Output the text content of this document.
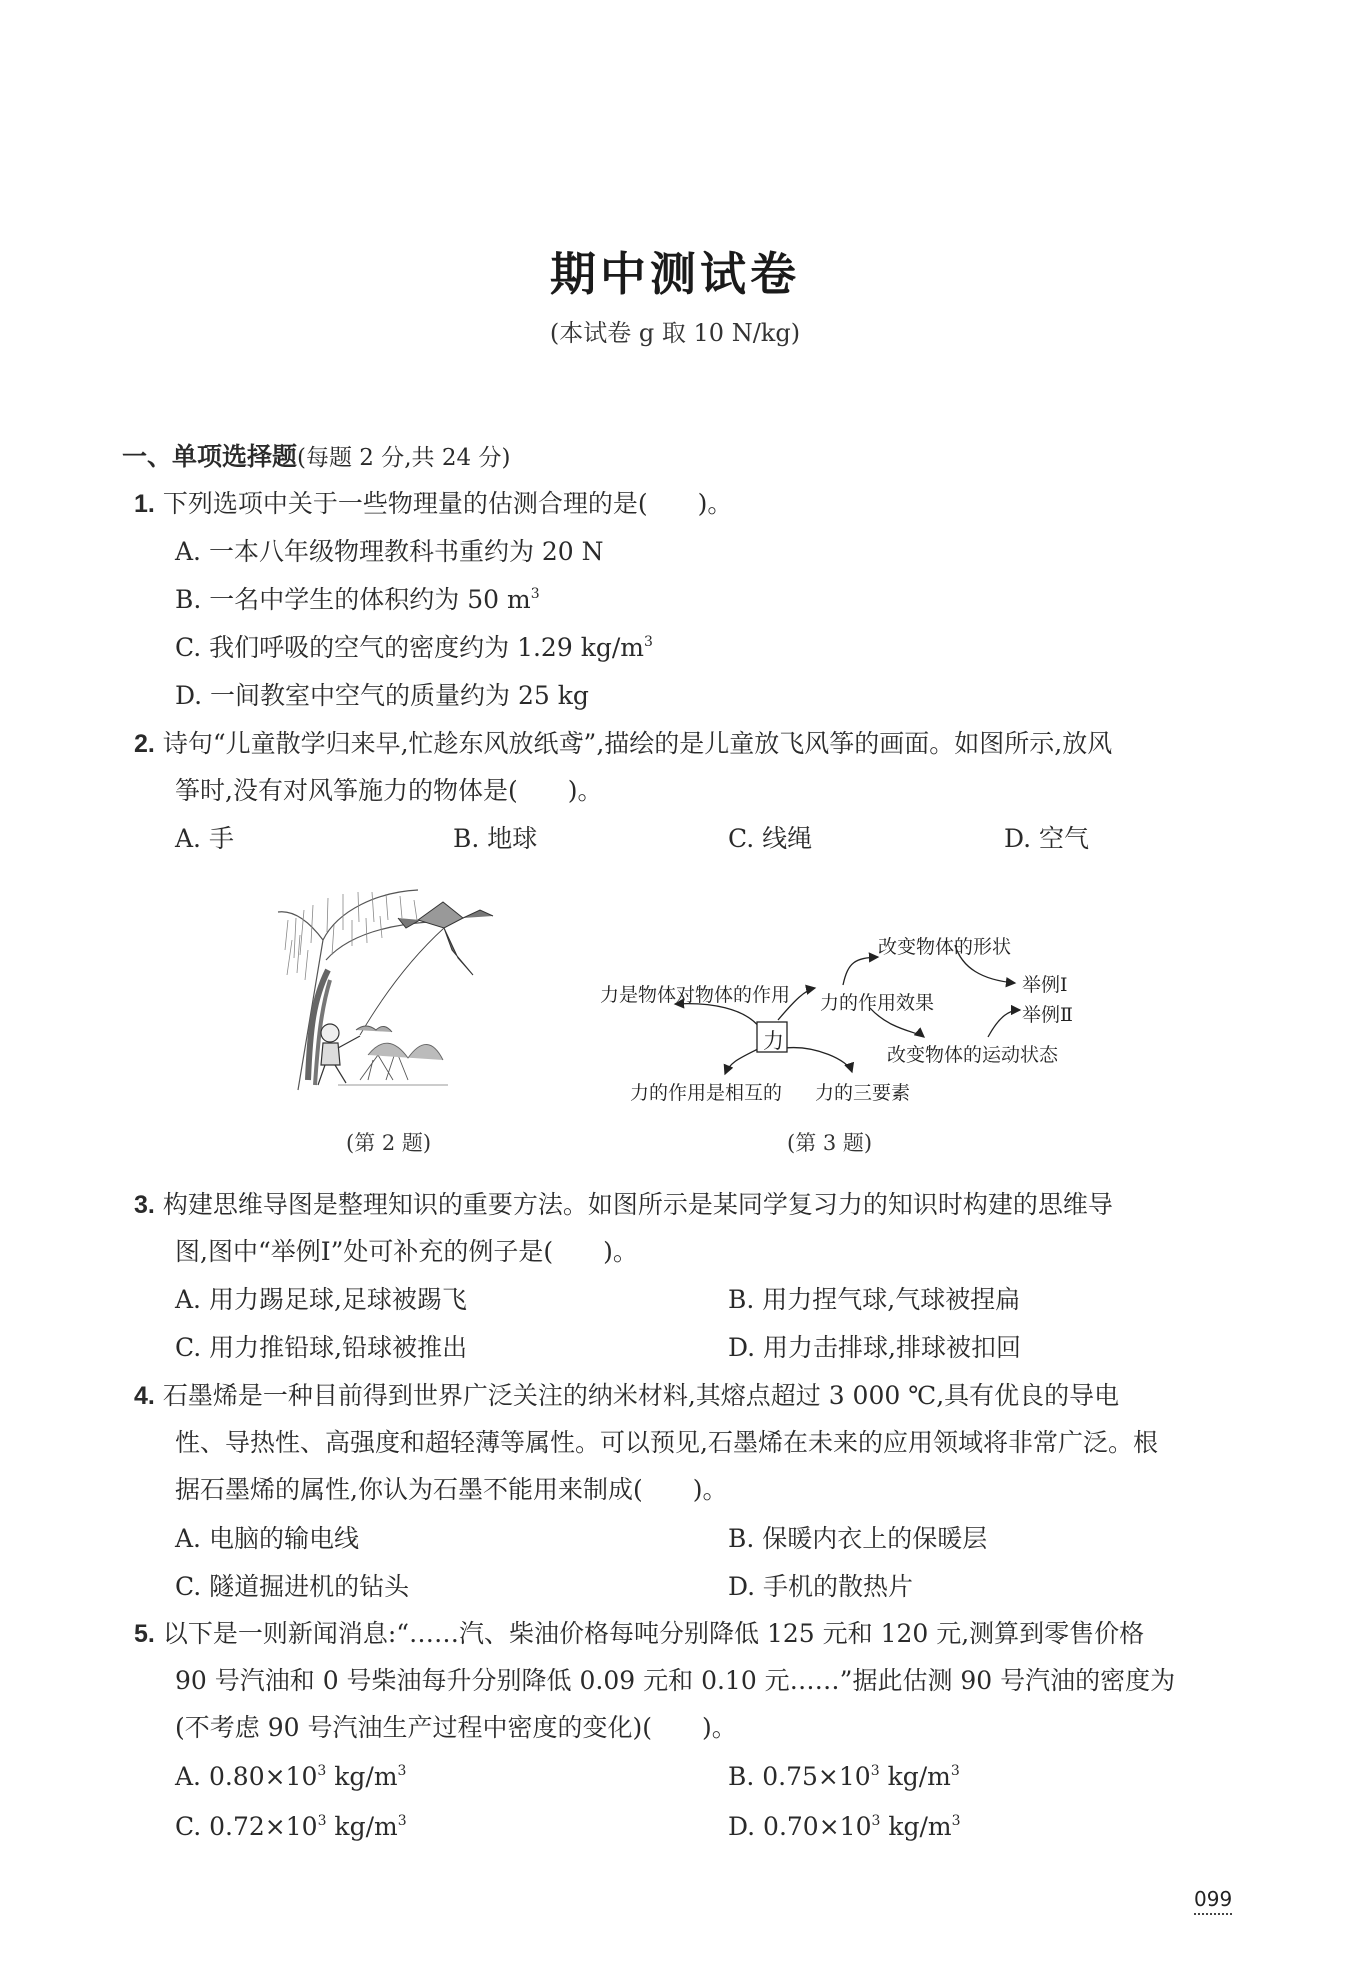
期中测试卷
(本试卷 g 取 10 N/kg)
一、单项选择题(每题 2 分,共 24 分)
1. 下列选项中关于一些物理量的估测合理的是(　　)。
A. 一本八年级物理教科书重约为 20 N
B. 一名中学生的体积约为 50 $m^3$
C. 我们呼吸的空气的密度约为 1.29 $kg/m^3$
D. 一间教室中空气的质量约为 25 kg
2. 诗句“儿童散学归来早,忙趁东风放纸鸢”,描绘的是儿童放飞风筝的画面。如图所示,放风
筝时,没有对风筝施力的物体是(　　)。
A. 手	B. 地球	C. 线绳	D. 空气
力
力是物体对物体的作用 力的作用效果
改变物体的形状
举例Ⅰ
举例Ⅱ
改变物体的运动状态
力的作用是相互的 力的三要素
(第 2 题)	(第 3 题)
3. 构建思维导图是整理知识的重要方法。如图所示是某同学复习力的知识时构建的思维导
图,图中“举例Ⅰ”处可补充的例子是(　　)。
A. 用力踢足球,足球被踢飞	B. 用力捏气球,气球被捏扁
C. 用力推铅球,铅球被推出	D. 用力击排球,排球被扣回
4. 石墨烯是一种目前得到世界广泛关注的纳米材料,其熔点超过 3 000 ℃,具有优良的导电
性、导热性、高强度和超轻薄等属性。可以预见,石墨烯在未来的应用领域将非常广泛。根
据石墨烯的属性,你认为石墨不能用来制成(　　)。
A. 电脑的输电线	B. 保暖内衣上的保暖层
C. 隧道掘进机的钻头	D. 手机的散热片
5. 以下是一则新闻消息:“……汽、柴油价格每吨分别降低 125 元和 120 元,测算到零售价格
90 号汽油和 0 号柴油每升分别降低 0.09 元和 0.10 元……”据此估测 90 号汽油的密度为
(不考虑 90 号汽油生产过程中密度的变化)(　　)。
A. $0.80\times 10^3$ $kg/m^3$	B. $0.75\times 10^3$ $kg/m^3$
C. $0.72\times 10^3$ $kg/m^3$	D. $0.70\times 10^3$ $kg/m^3$
099
